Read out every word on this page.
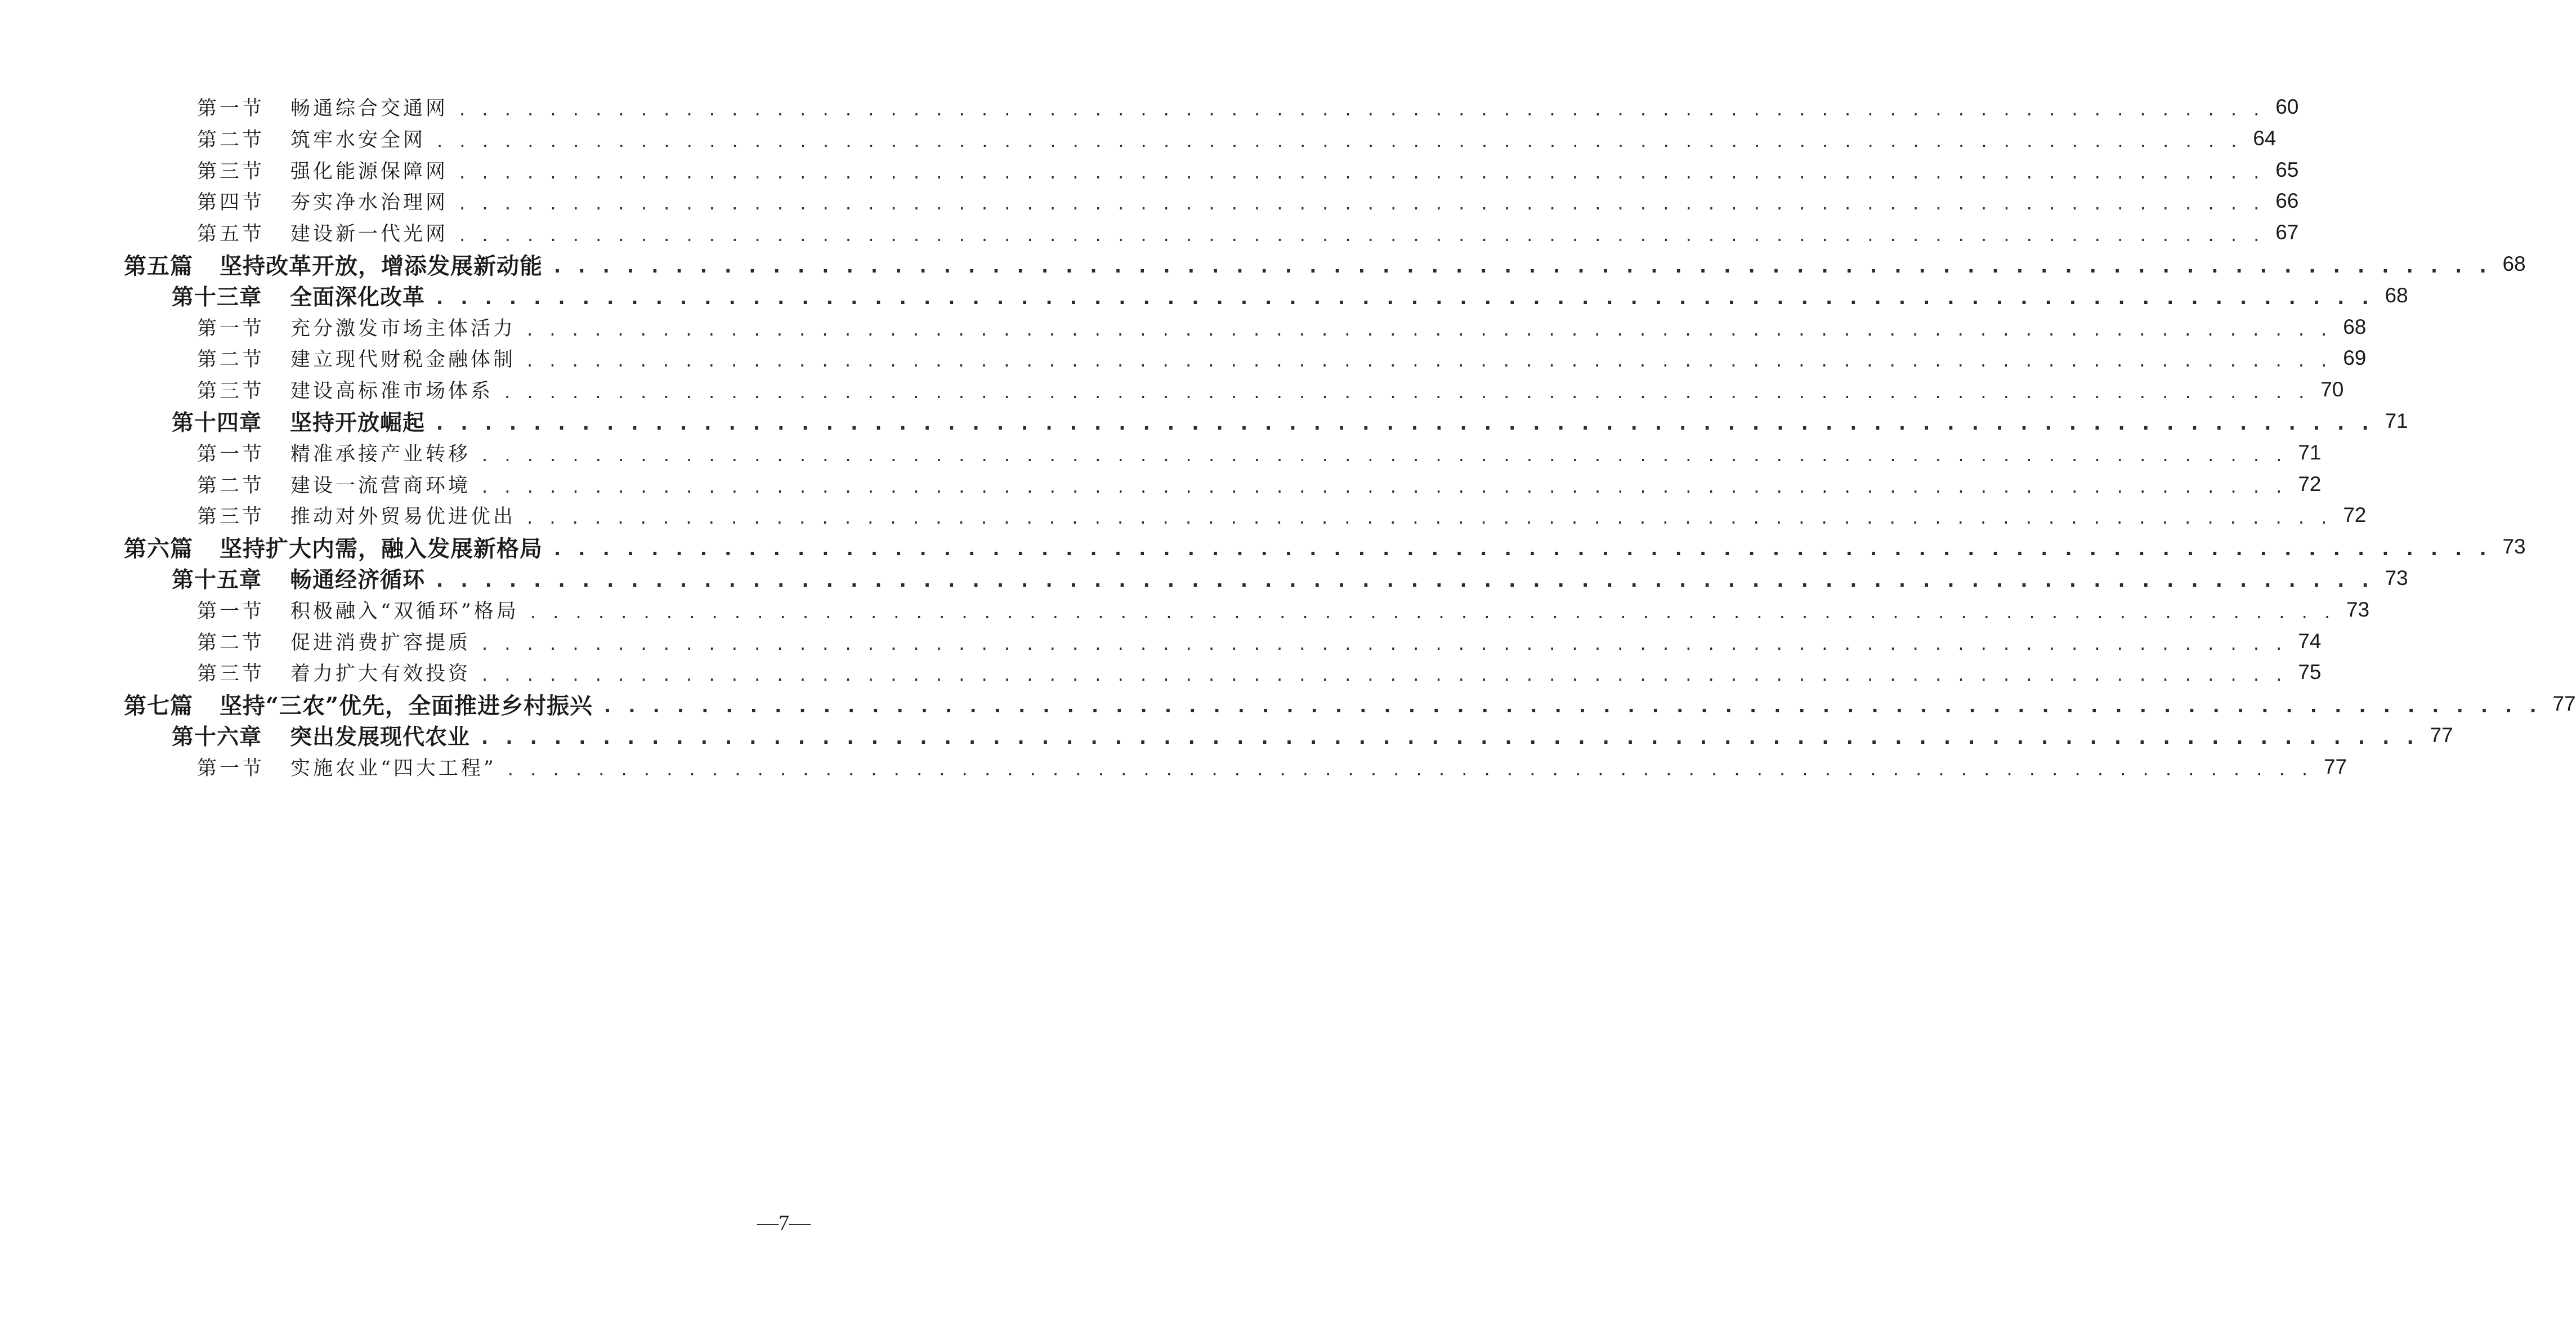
第一节	畅通综合交通网 . . . . . . . . . . . . . . . . . . . . . . . . . . . . . . . . . . . . . . . . . . . . . . . . . . . . . . . . . . . . . . . . . . . . . . . . . . . . . . . . 60
第二节	筑牢水安全网 . . . . . . . . . . . . . . . . . . . . . . . . . . . . . . . . . . . . . . . . . . . . . . . . . . . . . . . . . . . . . . . . . . . . . . . . . . . . . . . . 64
第三节	强化能源保障网 . . . . . . . . . . . . . . . . . . . . . . . . . . . . . . . . . . . . . . . . . . . . . . . . . . . . . . . . . . . . . . . . . . . . . . . . . . . . . . . . 65
第四节	夯实净水治理网 . . . . . . . . . . . . . . . . . . . . . . . . . . . . . . . . . . . . . . . . . . . . . . . . . . . . . . . . . . . . . . . . . . . . . . . . . . . . . . . . 66
第五节	建设新一代光网 . . . . . . . . . . . . . . . . . . . . . . . . . . . . . . . . . . . . . . . . . . . . . . . . . . . . . . . . . . . . . . . . . . . . . . . . . . . . . . . . 67
第五篇	坚持改革开放，增添发展新动能 . . . . . . . . . . . . . . . . . . . . . . . . . . . . . . . . . . . . . . . . . . . . . . . . . . . . . . . . . . . . . . . . . . . . . . . . . . . . . . . . 68
第十三章	全面深化改革 . . . . . . . . . . . . . . . . . . . . . . . . . . . . . . . . . . . . . . . . . . . . . . . . . . . . . . . . . . . . . . . . . . . . . . . . . . . . . . . . 68
第一节	充分激发市场主体活力 . . . . . . . . . . . . . . . . . . . . . . . . . . . . . . . . . . . . . . . . . . . . . . . . . . . . . . . . . . . . . . . . . . . . . . . . . . . . . . . . 68
第二节	建立现代财税金融体制 . . . . . . . . . . . . . . . . . . . . . . . . . . . . . . . . . . . . . . . . . . . . . . . . . . . . . . . . . . . . . . . . . . . . . . . . . . . . . . . . 69
第三节	建设高标准市场体系 . . . . . . . . . . . . . . . . . . . . . . . . . . . . . . . . . . . . . . . . . . . . . . . . . . . . . . . . . . . . . . . . . . . . . . . . . . . . . . . . 70
第十四章	坚持开放崛起 . . . . . . . . . . . . . . . . . . . . . . . . . . . . . . . . . . . . . . . . . . . . . . . . . . . . . . . . . . . . . . . . . . . . . . . . . . . . . . . . 71
第一节	精准承接产业转移 . . . . . . . . . . . . . . . . . . . . . . . . . . . . . . . . . . . . . . . . . . . . . . . . . . . . . . . . . . . . . . . . . . . . . . . . . . . . . . . . 71
第二节	建设一流营商环境 . . . . . . . . . . . . . . . . . . . . . . . . . . . . . . . . . . . . . . . . . . . . . . . . . . . . . . . . . . . . . . . . . . . . . . . . . . . . . . . . 72
第三节	推动对外贸易优进优出 . . . . . . . . . . . . . . . . . . . . . . . . . . . . . . . . . . . . . . . . . . . . . . . . . . . . . . . . . . . . . . . . . . . . . . . . . . . . . . . . 72
第六篇	坚持扩大内需，融入发展新格局 . . . . . . . . . . . . . . . . . . . . . . . . . . . . . . . . . . . . . . . . . . . . . . . . . . . . . . . . . . . . . . . . . . . . . . . . . . . . . . . . 73
第十五章	畅通经济循环 . . . . . . . . . . . . . . . . . . . . . . . . . . . . . . . . . . . . . . . . . . . . . . . . . . . . . . . . . . . . . . . . . . . . . . . . . . . . . . . . 73
第一节	积极融入“双循环”格局 . . . . . . . . . . . . . . . . . . . . . . . . . . . . . . . . . . . . . . . . . . . . . . . . . . . . . . . . . . . . . . . . . . . . . . . . . . . . . . . . 73
第二节	促进消费扩容提质 . . . . . . . . . . . . . . . . . . . . . . . . . . . . . . . . . . . . . . . . . . . . . . . . . . . . . . . . . . . . . . . . . . . . . . . . . . . . . . . . 74
第三节	着力扩大有效投资 . . . . . . . . . . . . . . . . . . . . . . . . . . . . . . . . . . . . . . . . . . . . . . . . . . . . . . . . . . . . . . . . . . . . . . . . . . . . . . . . 75
第七篇	坚持“三农”优先，全面推进乡村振兴 . . . . . . . . . . . . . . . . . . . . . . . . . . . . . . . . . . . . . . . . . . . . . . . . . . . . . . . . . . . . . . . . . . . . . . . . . . . . . . . . 77
第十六章	突出发展现代农业 . . . . . . . . . . . . . . . . . . . . . . . . . . . . . . . . . . . . . . . . . . . . . . . . . . . . . . . . . . . . . . . . . . . . . . . . . . . . . . . . 77
第一节	实施农业“四大工程” . . . . . . . . . . . . . . . . . . . . . . . . . . . . . . . . . . . . . . . . . . . . . . . . . . . . . . . . . . . . . . . . . . . . . . . . . . . . . . . . 77
—7—
